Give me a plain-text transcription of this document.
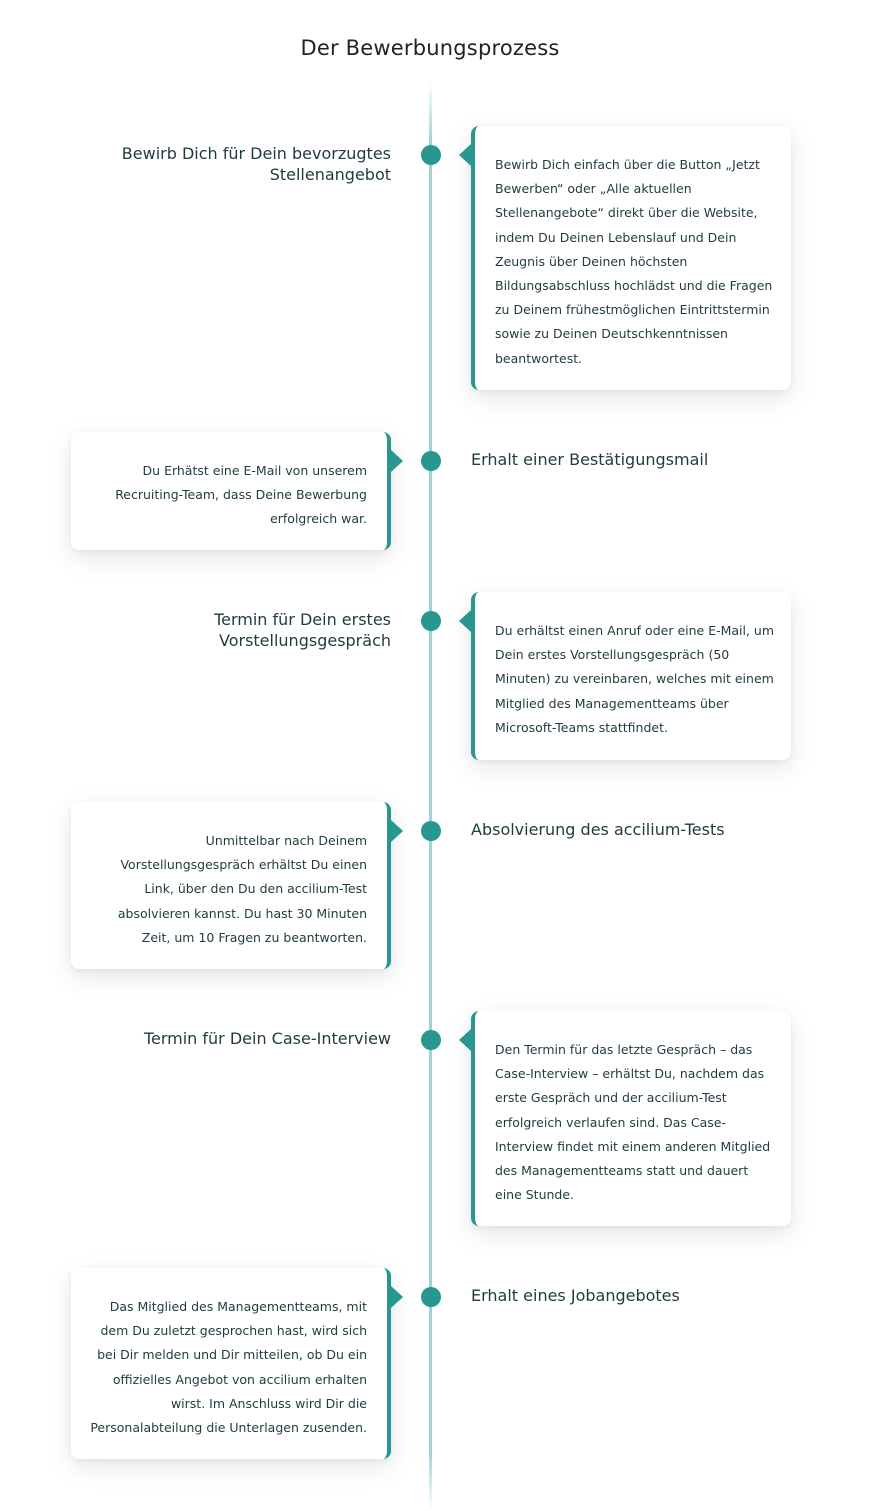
Der Bewerbungsprozess
Bewirb Dich für Dein bevorzugtes Stellenangebot
Bewirb Dich einfach über die Button „Jetzt Bewerben“ oder „Alle aktuellen Stellenangebote“ direkt über die Website, indem Du Deinen Lebenslauf und Dein Zeugnis über Deinen höchsten Bildungsabschluss hochlädst und die Fragen zu Deinem frühestmöglichen Eintrittstermin sowie zu Deinen Deutschkenntnissen beantwortest.
Erhalt einer Bestätigungsmail
Du Erhätst eine E-Mail von unserem Recruiting-Team, dass Deine Bewerbung erfolgreich war.
Termin für Dein erstes Vorstellungsgespräch
Du erhältst einen Anruf oder eine E-Mail, um Dein erstes Vorstellungsgespräch (50 Minuten) zu vereinbaren, welches mit einem Mitglied des Managementteams über Microsoft-Teams stattfindet.
Absolvierung des accilium-Tests
Unmittelbar nach Deinem Vorstellungsgespräch erhältst Du einen Link, über den Du den accilium-Test absolvieren kannst. Du hast 30 Minuten Zeit, um 10 Fragen zu beantworten.
Termin für Dein Case-Interview
Den Termin für das letzte Gespräch – das Case-Interview – erhältst Du, nachdem das erste Gespräch und der accilium-Test erfolgreich verlaufen sind. Das Case-Interview findet mit einem anderen Mitglied des Managementteams statt und dauert eine Stunde.
Erhalt eines Jobangebotes
Das Mitglied des Managementteams, mit dem Du zuletzt gesprochen hast, wird sich bei Dir melden und Dir mitteilen, ob Du ein offizielles Angebot von accilium erhalten wirst. Im Anschluss wird Dir die Personalabteilung die Unterlagen zusenden.
